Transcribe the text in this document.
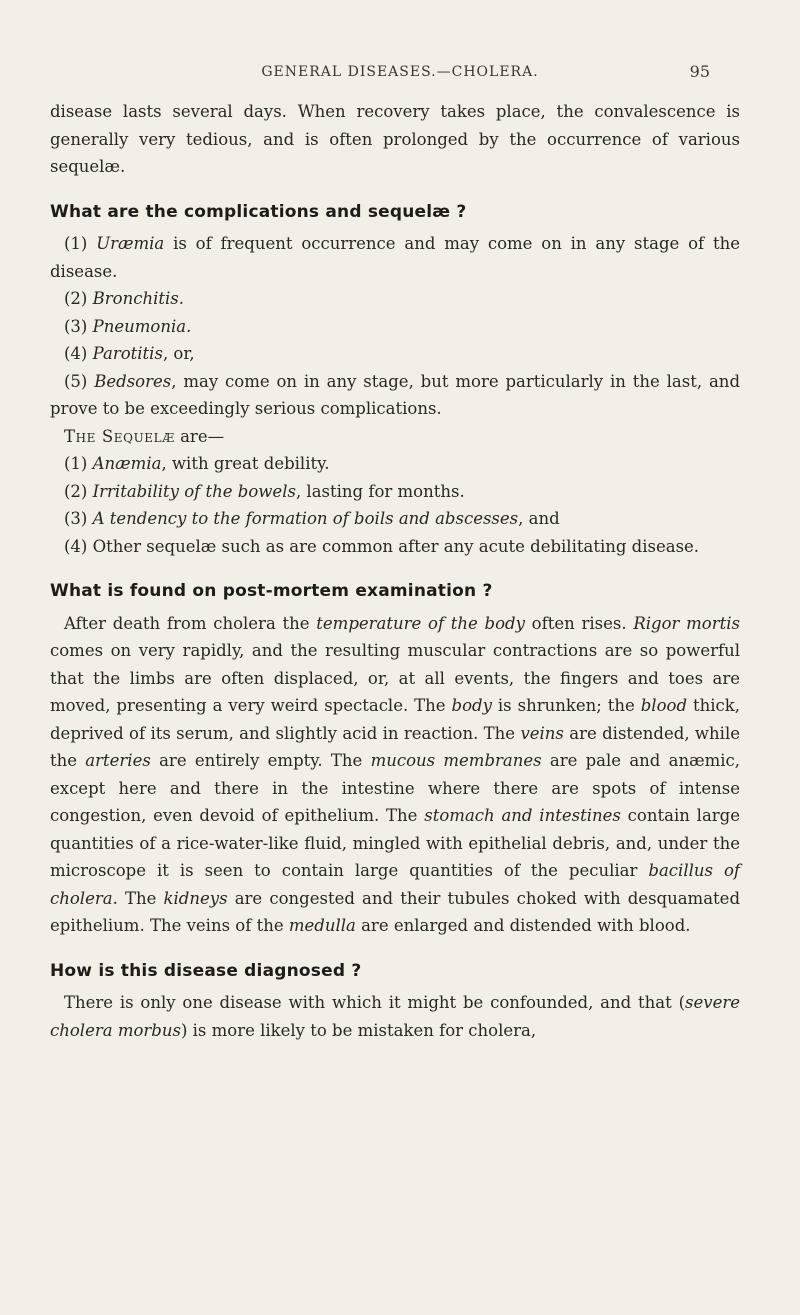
GENERAL DISEASES.—CHOLERA.	95

disease lasts several days. When recovery takes place, the convalescence is generally very tedious, and is often prolonged by the occurrence of various sequelæ.

What are the complications and sequelæ ?

(1) Uræmia is of frequent occurrence and may come on in any stage of the disease.

(2) Bronchitis.

(3) Pneumonia.

(4) Parotitis, or,

(5) Bedsores, may come on in any stage, but more particularly in the last, and prove to be exceedingly serious complications.

The Sequelæ are—

(1) Anæmia, with great debility.

(2) Irritability of the bowels, lasting for months.

(3) A tendency to the formation of boils and abscesses, and

(4) Other sequelæ such as are common after any acute debilitating disease.

What is found on post-mortem examination ?

After death from cholera the temperature of the body often rises. Rigor mortis comes on very rapidly, and the resulting muscular contractions are so powerful that the limbs are often displaced, or, at all events, the fingers and toes are moved, presenting a very weird spectacle. The body is shrunken; the blood thick, deprived of its serum, and slightly acid in reaction. The veins are distended, while the arteries are entirely empty. The mucous membranes are pale and anæmic, except here and there in the intestine where there are spots of intense congestion, even devoid of epithelium. The stomach and intestines contain large quantities of a rice-water-like fluid, mingled with epithelial debris, and, under the microscope it is seen to contain large quantities of the peculiar bacillus of cholera. The kidneys are congested and their tubules choked with desquamated epithelium. The veins of the medulla are enlarged and distended with blood.

How is this disease diagnosed ?

There is only one disease with which it might be confounded, and that (severe cholera morbus) is more likely to be mistaken for cholera,
